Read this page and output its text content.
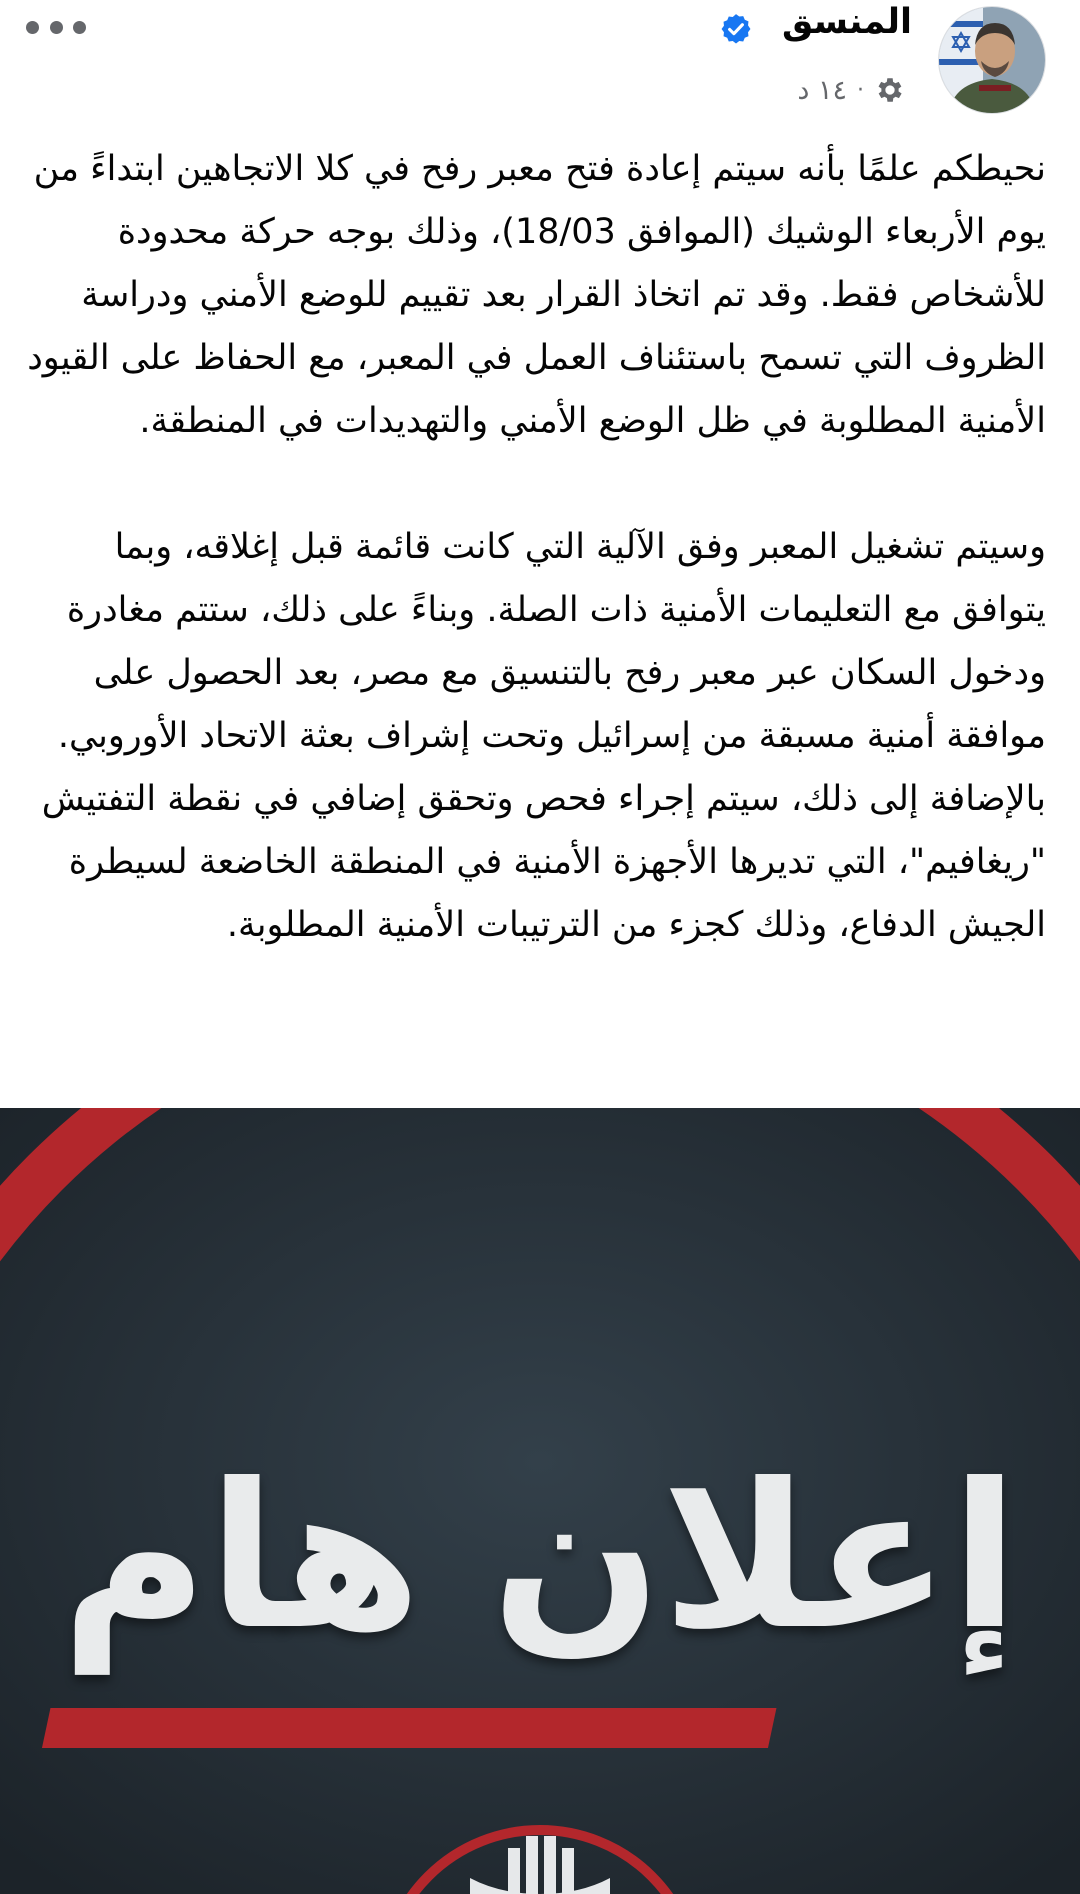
المنسق
١٤ د ·

نحيطكم علمًا بأنه سيتم إعادة فتح معبر رفح في كلا الاتجاهين ابتداءً من يوم الأربعاء الوشيك (الموافق 18/03)، وذلك بوجه حركة محدودة للأشخاص فقط. وقد تم اتخاذ القرار بعد تقييم للوضع الأمني ودراسة الظروف التي تسمح باستئناف العمل في المعبر، مع الحفاظ على القيود الأمنية المطلوبة في ظل الوضع الأمني والتهديدات في المنطقة.

وسيتم تشغيل المعبر وفق الآلية التي كانت قائمة قبل إغلاقه، وبما يتوافق مع التعليمات الأمنية ذات الصلة. وبناءً على ذلك، ستتم مغادرة ودخول السكان عبر معبر رفح بالتنسيق مع مصر، بعد الحصول على موافقة أمنية مسبقة من إسرائيل وتحت إشراف بعثة الاتحاد الأوروبي. بالإضافة إلى ذلك، سيتم إجراء فحص وتحقق إضافي في نقطة التفتيش "ريغافيم"، التي تديرها الأجهزة الأمنية في المنطقة الخاضعة لسيطرة الجيش الدفاع، وذلك كجزء من الترتيبات الأمنية المطلوبة.

إعلان هام
